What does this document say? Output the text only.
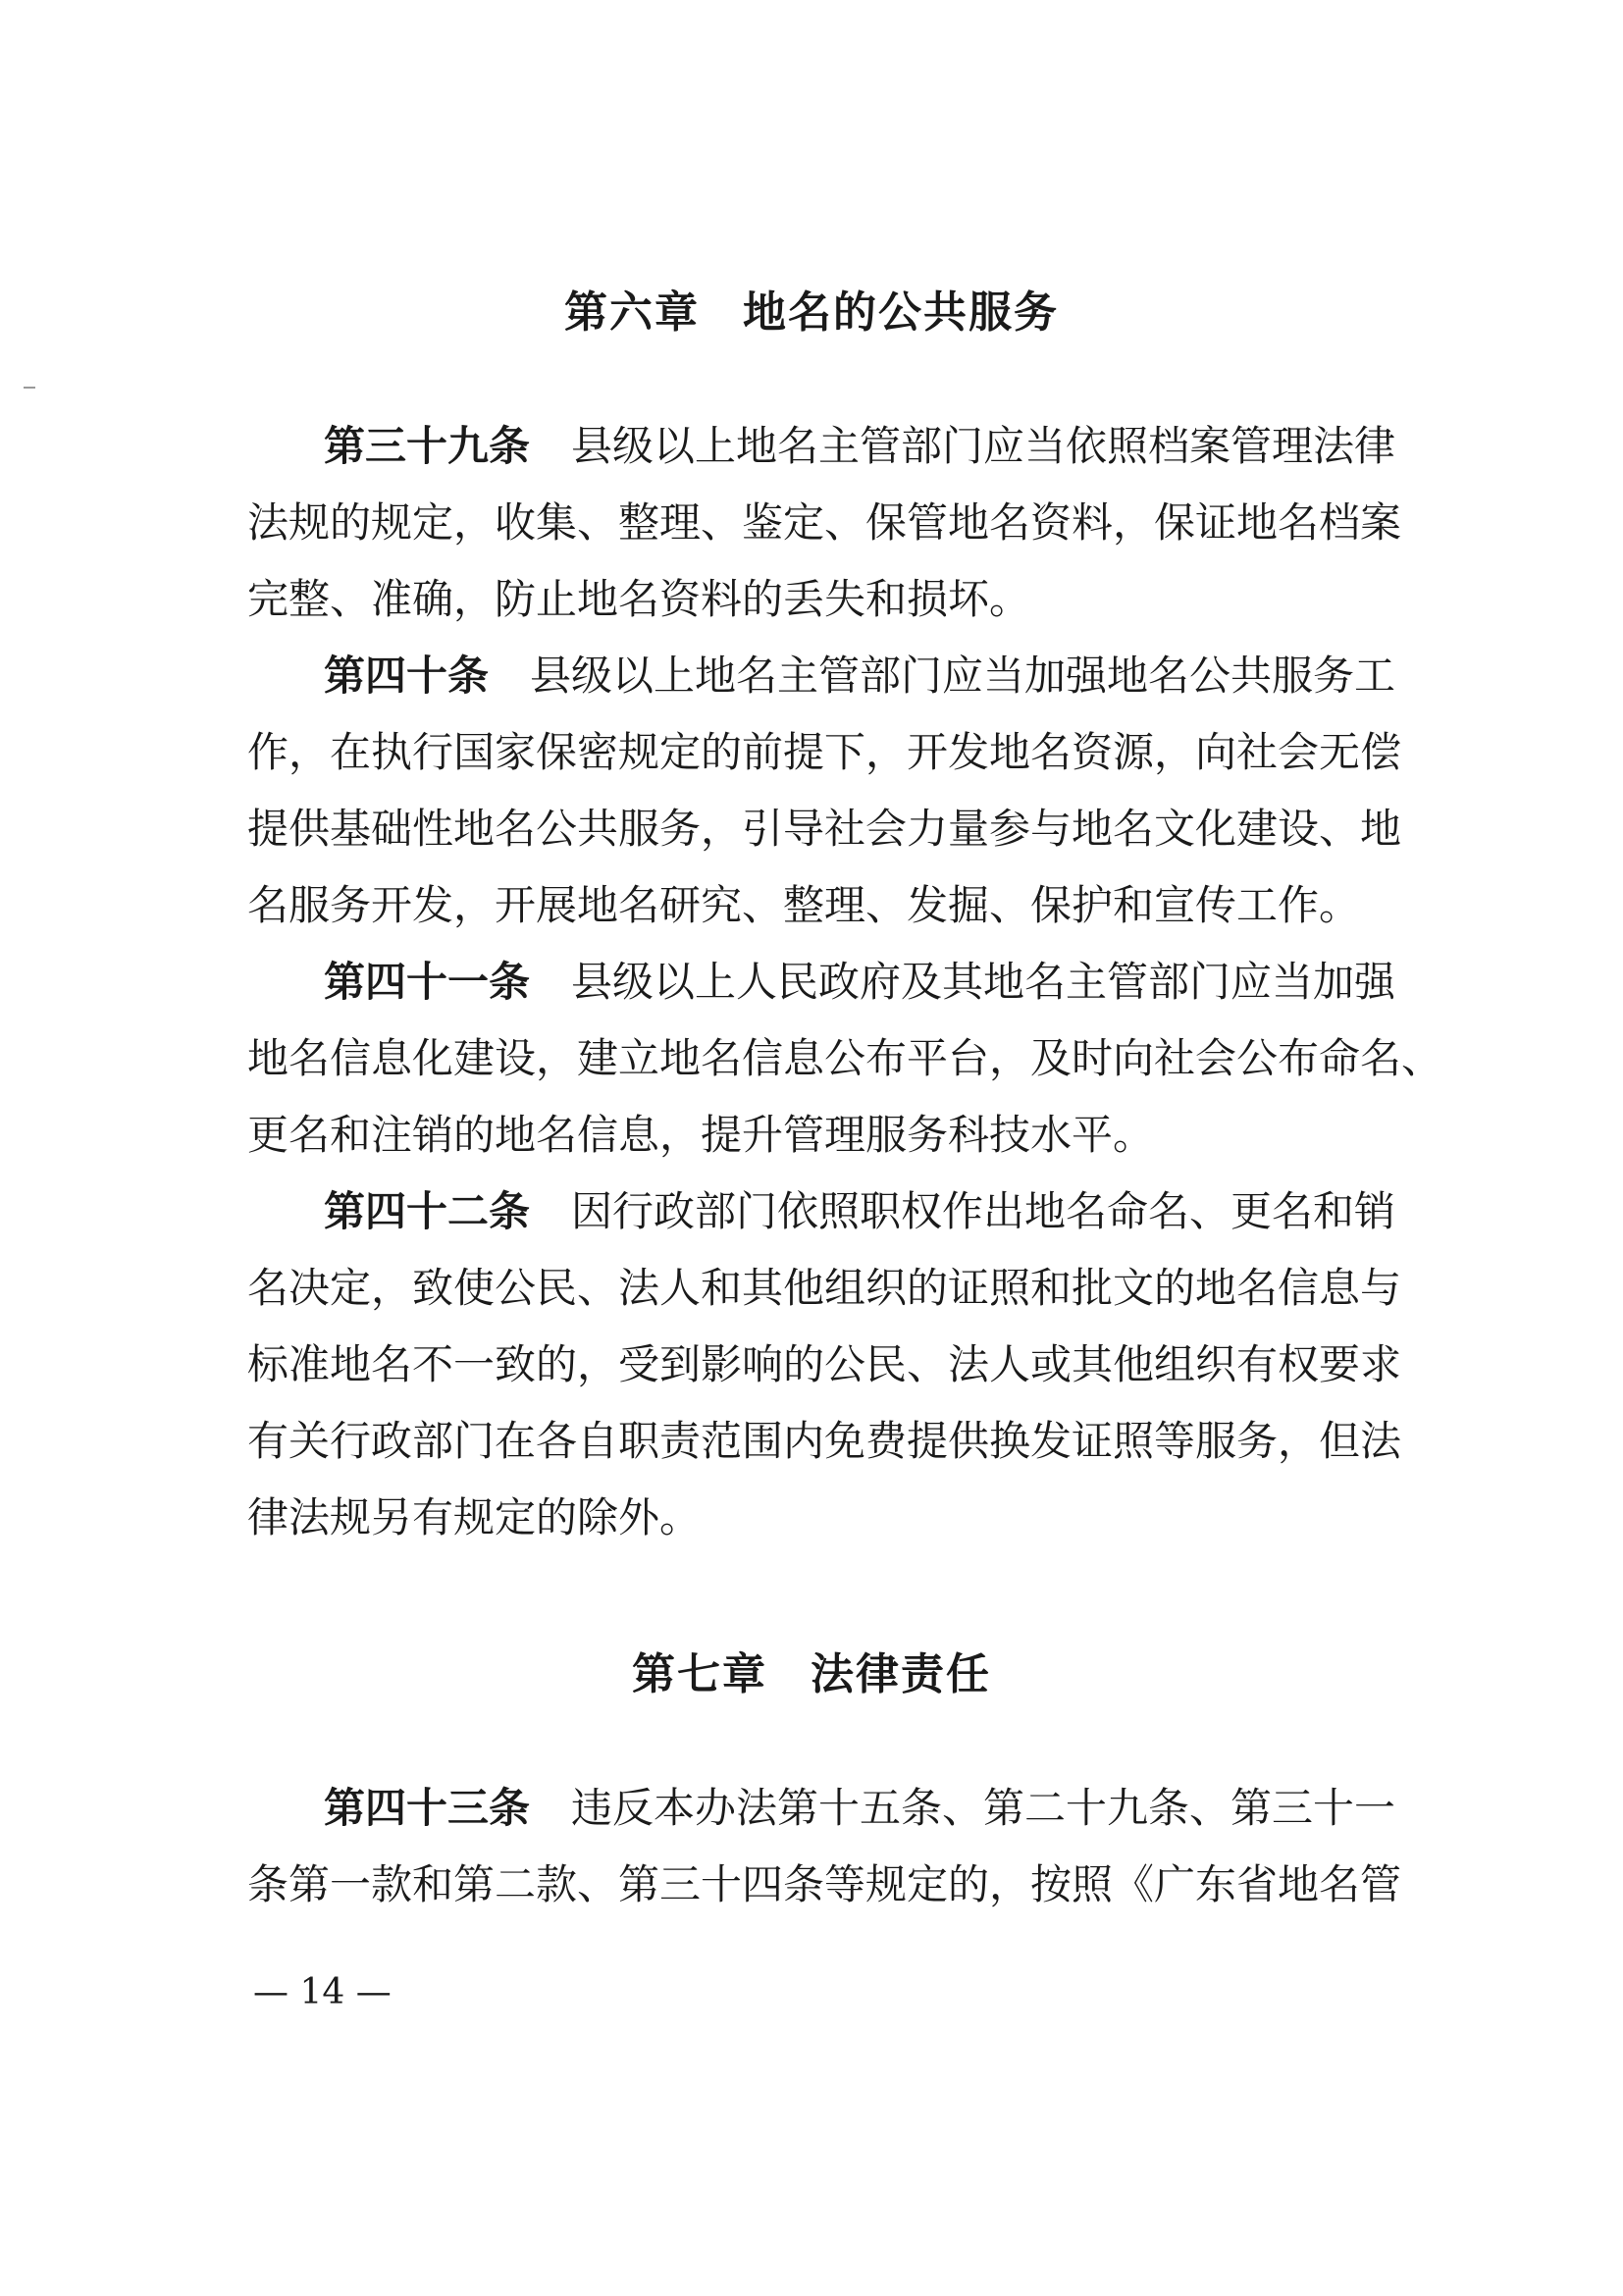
第六章 地名的公共服务
第三十九条 县级以上地名主管部门应当依照档案管理法律
法规的规定，收集、整理、鉴定、保管地名资料，保证地名档案
完整、准确，防止地名资料的丢失和损坏。
第四十条 县级以上地名主管部门应当加强地名公共服务工
作，在执行国家保密规定的前提下，开发地名资源，向社会无偿
提供基础性地名公共服务，引导社会力量参与地名文化建设、地
名服务开发，开展地名研究、整理、发掘、保护和宣传工作。
第四十一条 县级以上人民政府及其地名主管部门应当加强
地名信息化建设，建立地名信息公布平台，及时向社会公布命名、
更名和注销的地名信息，提升管理服务科技水平。
第四十二条 因行政部门依照职权作出地名命名、更名和销
名决定，致使公民、法人和其他组织的证照和批文的地名信息与
标准地名不一致的，受到影响的公民、法人或其他组织有权要求
有关行政部门在各自职责范围内免费提供换发证照等服务，但法
律法规另有规定的除外。
第七章 法律责任
第四十三条 违反本办法第十五条、第二十九条、第三十一
条第一款和第二款、第三十四条等规定的，按照《广东省地名管
— 14 —
